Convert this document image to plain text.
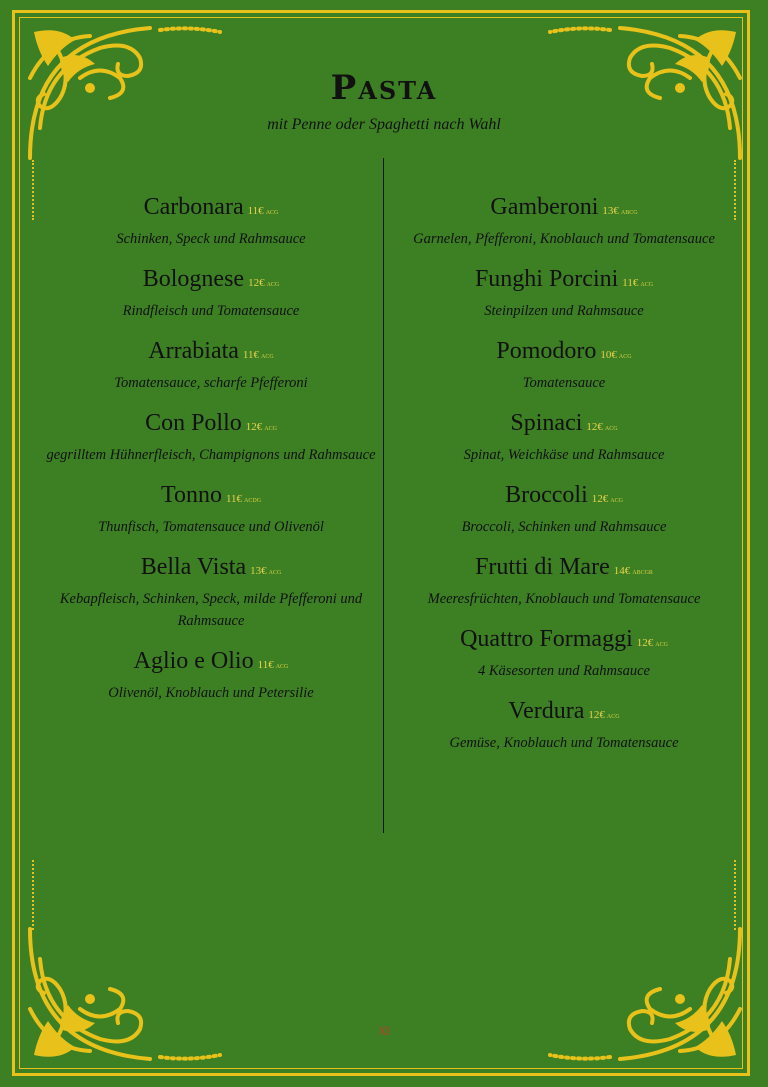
Pasta
mit Penne oder Spaghetti nach Wahl
Carbonara 11€ ACG
Schinken, Speck und Rahmsauce
Bolognese 12€ ACG
Rindfleisch und Tomatensauce
Arrabiata 11€ ACG
Tomatensauce, scharfe Pfefferoni
Con Pollo 12€ ACG
gegrilltem Hühnerfleisch, Champignons und Rahmsauce
Tonno 11€ ACDG
Thunfisch, Tomatensauce und Olivenöl
Bella Vista 13€ ACG
Kebapfleisch, Schinken, Speck, milde Pfefferoni und Rahmsauce
Aglio e Olio 11€ ACG
Olivenöl, Knoblauch und Petersilie
Gamberoni 13€ ABCG
Garnelen, Pfefferoni, Knoblauch und Tomatensauce
Funghi Porcini 11€ ACG
Steinpilzen und Rahmsauce
Pomodoro 10€ ACG
Tomatensauce
Spinaci 12€ ACG
Spinat, Weichkäse und Rahmsauce
Broccoli 12€ ACG
Broccoli, Schinken und Rahmsauce
Frutti di Mare 14€ ABCGR
Meeresfrüchten, Knoblauch und Tomatensauce
Quattro Formaggi 12€ ACG
4 Käsesorten und Rahmsauce
Verdura 12€ ACG
Gemüse, Knoblauch und Tomatensauce
XI
